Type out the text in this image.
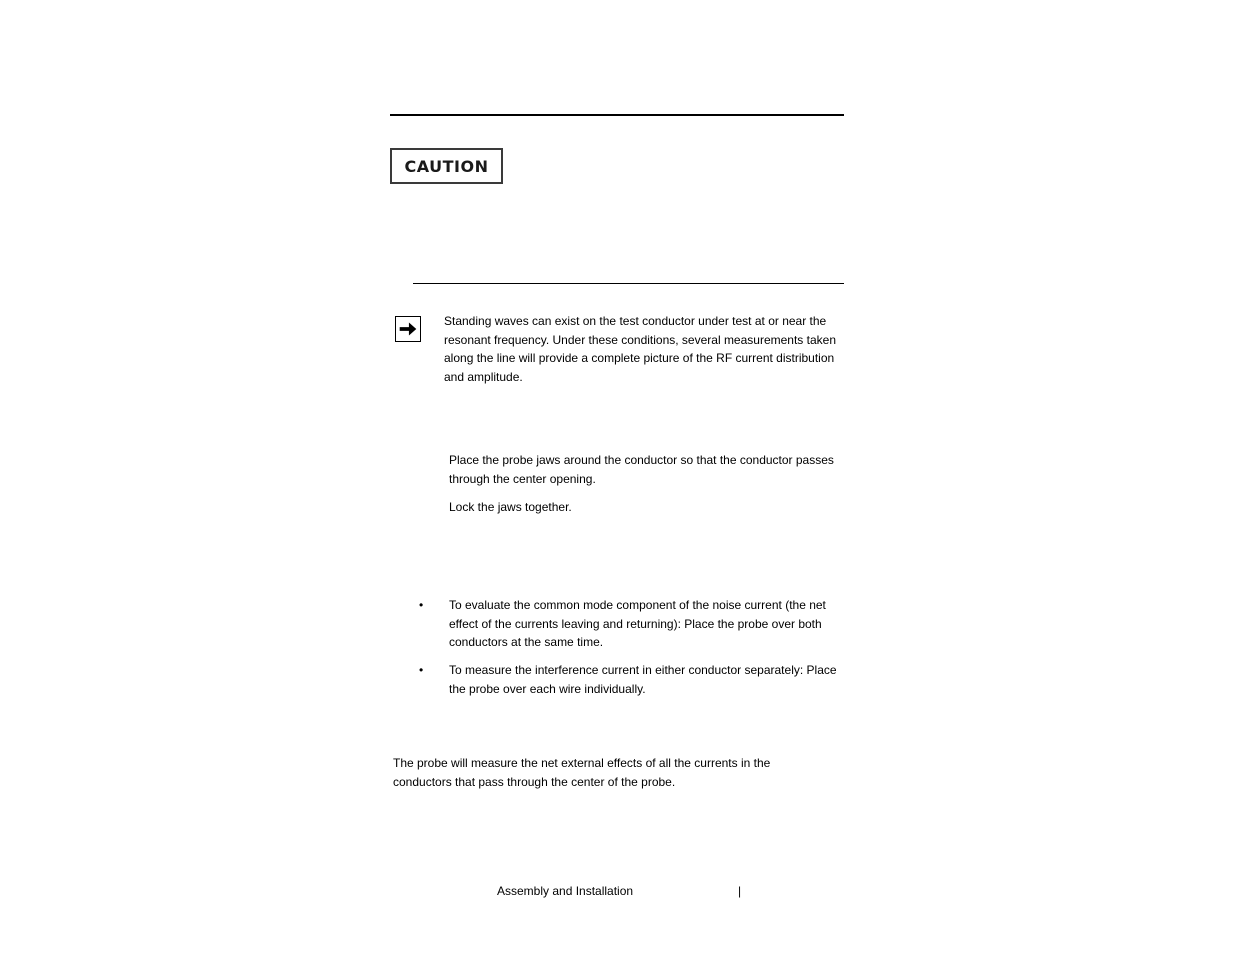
CAUTION

Standing waves can exist on the test conductor under test at or near the resonant frequency. Under these conditions, several measurements taken along the line will provide a complete picture of the RF current distribution and amplitude.

Place the probe jaws around the conductor so that the conductor passes through the center opening.

Lock the jaws together.

• To evaluate the common mode component of the noise current (the net effect of the currents leaving and returning): Place the probe over both conductors at the same time.

• To measure the interference current in either conductor separately: Place the probe over each wire individually.

The probe will measure the net external effects of all the currents in the conductors that pass through the center of the probe.

Assembly and Installation	|
